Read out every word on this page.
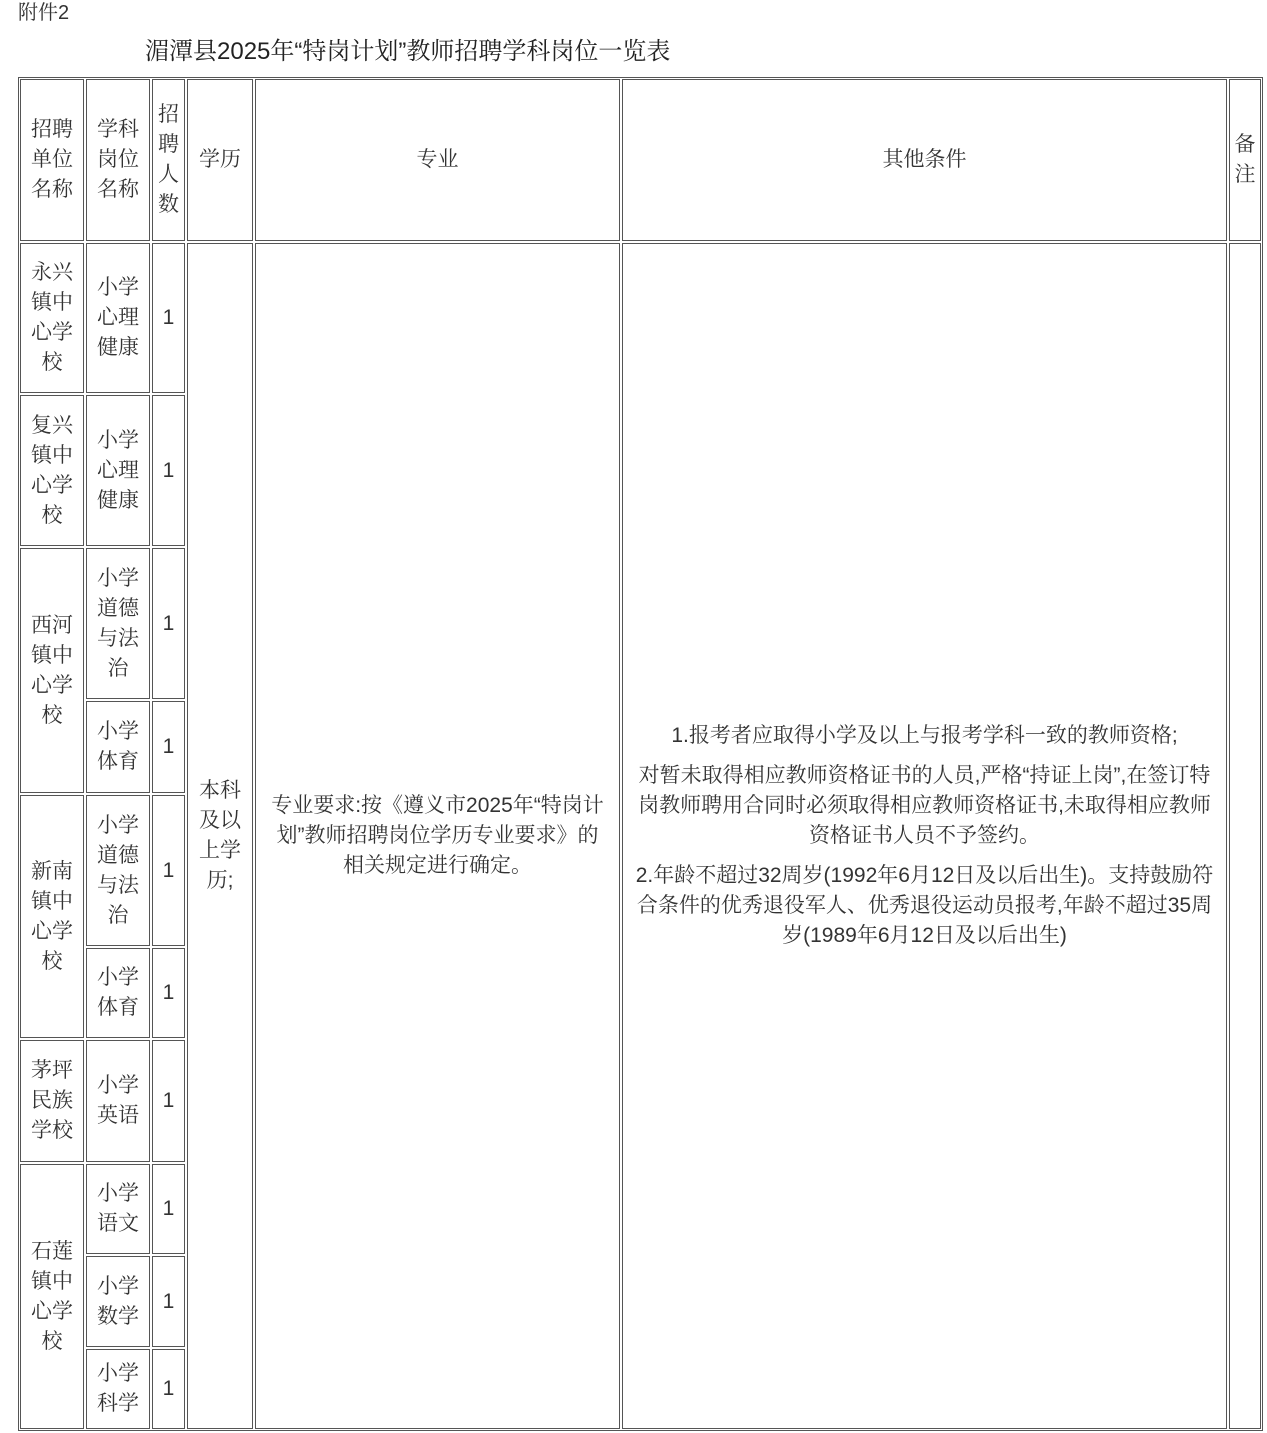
附件2
湄潭县2025年“特岗计划”教师招聘学科岗位一览表
招聘单位名称
学科岗位名称
招聘人数
学历	专业	其他条件
备注
永兴镇中心学校
小学心理健康
1
复兴镇中心学校
小学心理健康
1
西河镇中心学校
小学道德与法治
1
小学体育
1
新南镇中心学校
小学道德与法治
1
小学体育
1
茅坪民族学校
小学英语
1
石莲镇中心学校
小学语文
1
小学数学
1
小学科学
1
本科及以上学历;
专业要求:按《遵义市2025年“特岗计划”教师招聘岗位学历专业要求》的相关规定进行确定。

1.报考者应取得小学及以上与报考学科一致的教师资格;

对暂未取得相应教师资格证书的人员,严格“持证上岗”,在签订特岗教师聘用合同时必须取得相应教师资格证书,未取得相应教师资格证书人员不予签约。

2.年龄不超过32周岁(1992年6月12日及以后出生)。支持鼓励符合条件的优秀退役军人、优秀退役运动员报考,年龄不超过35周岁(1989年6月12日及以后出生)
